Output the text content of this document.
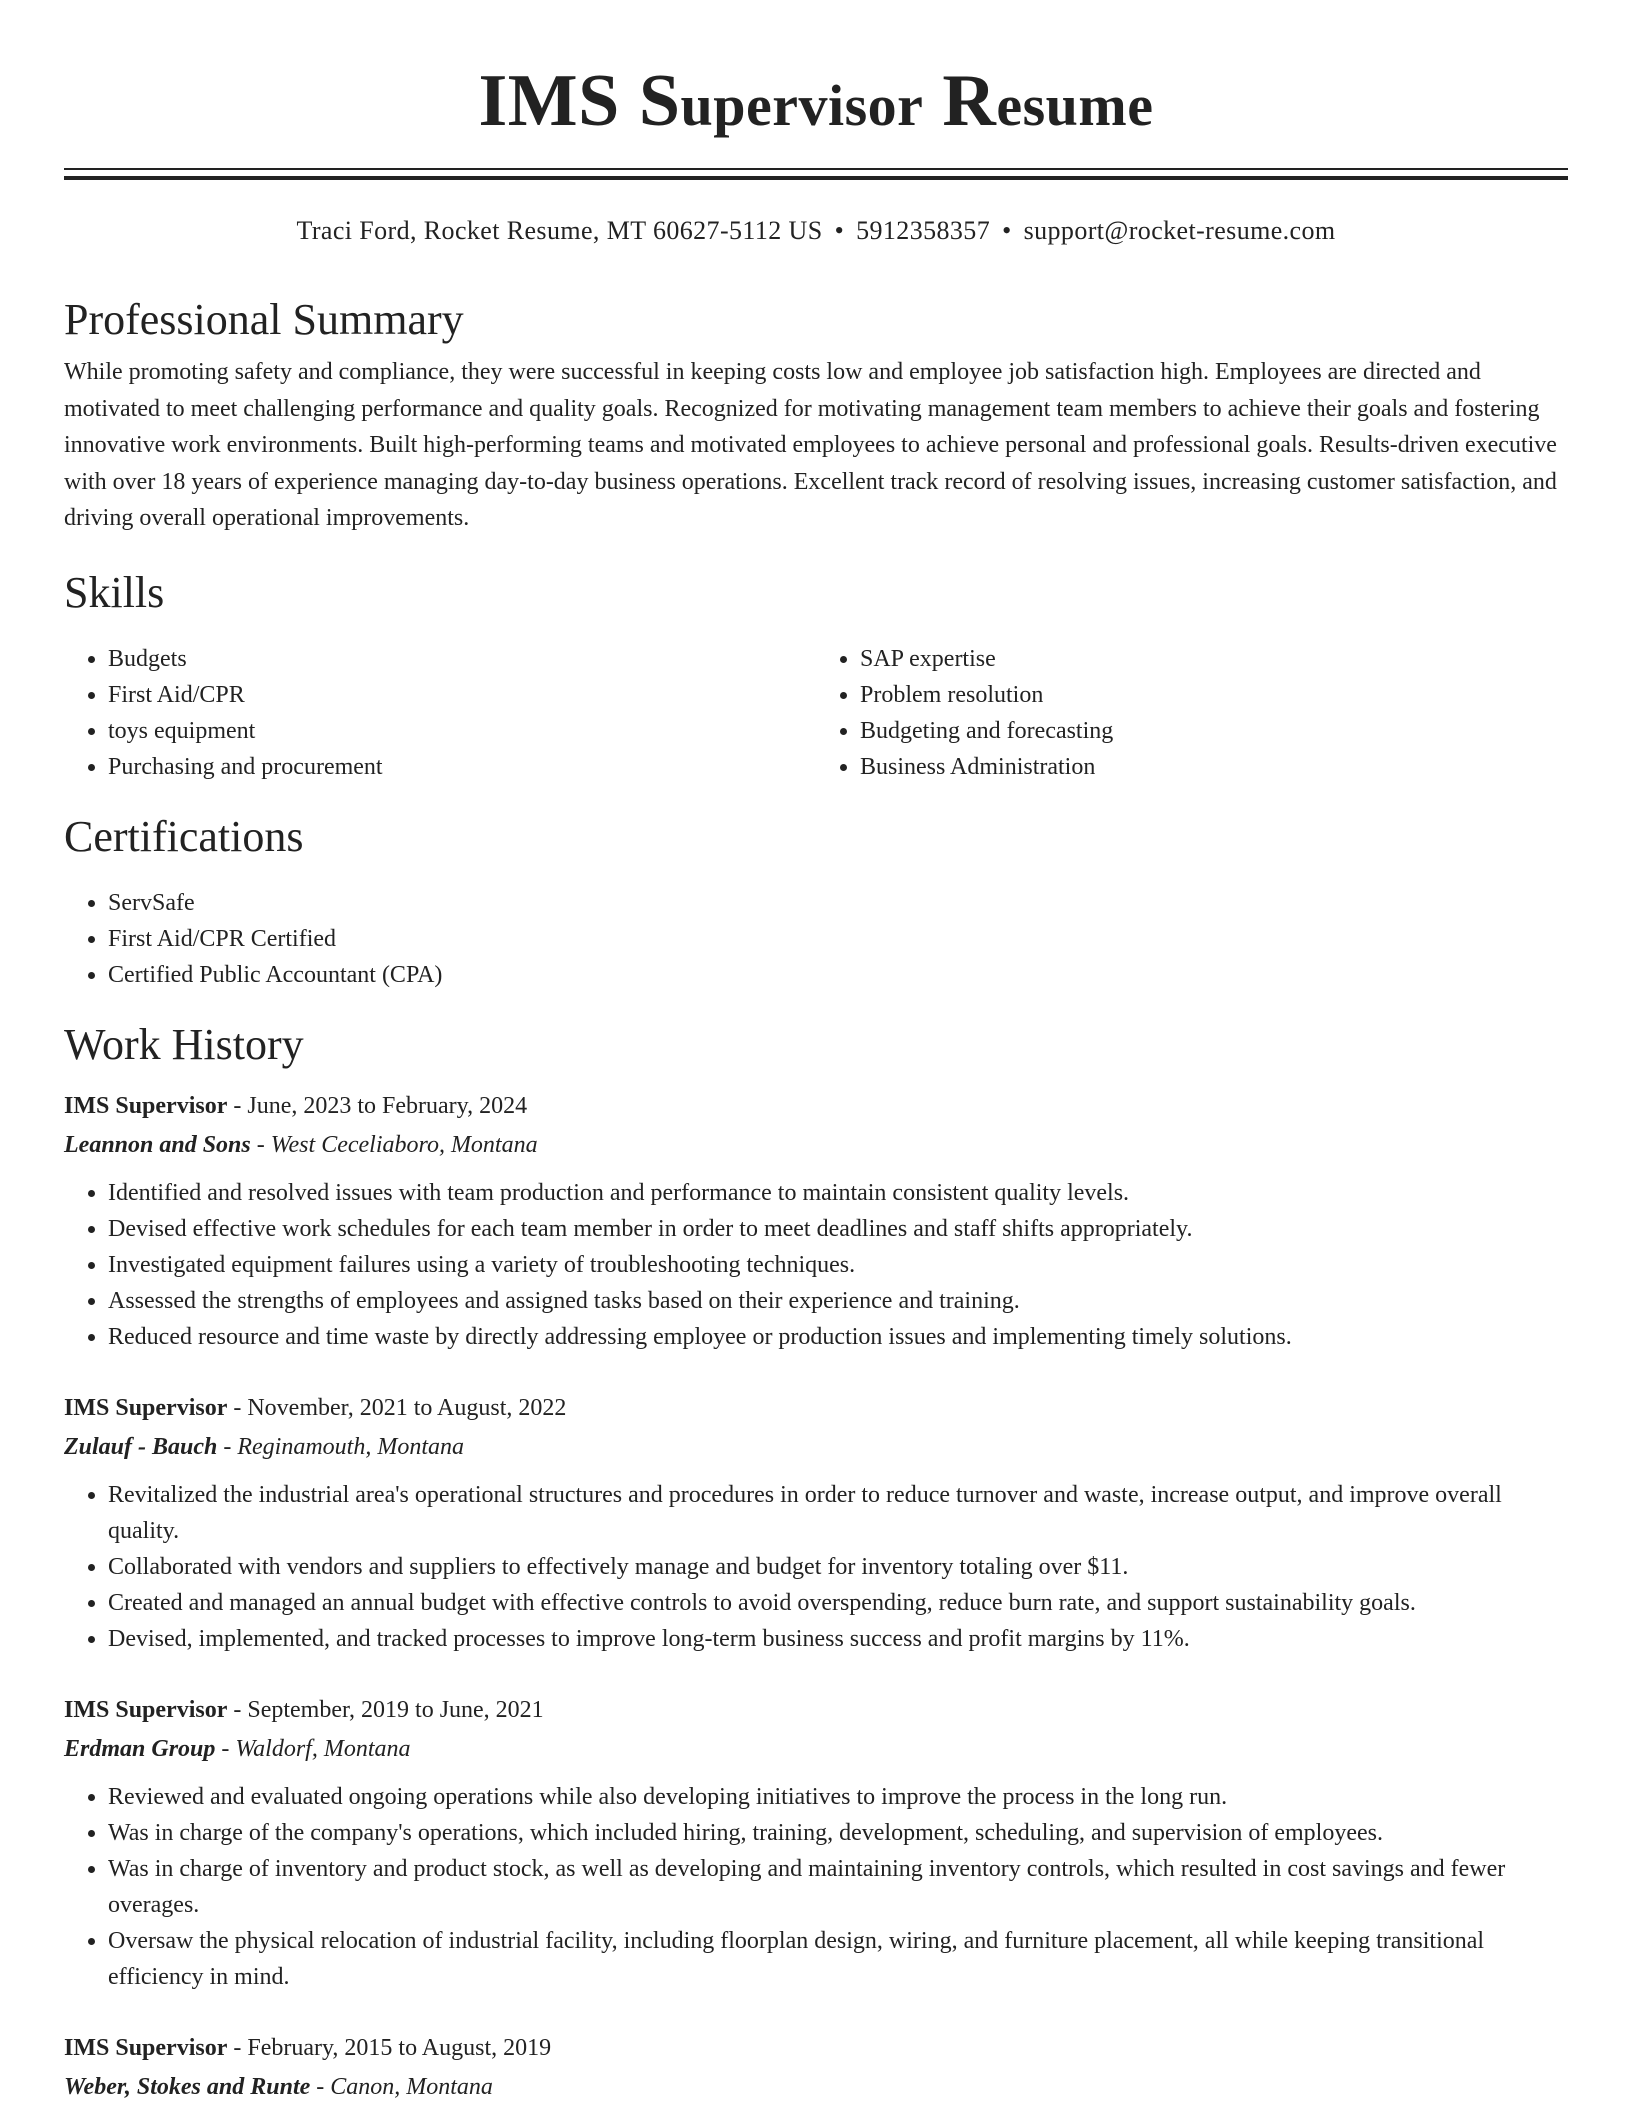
IMS Supervisor Resume
Traci Ford, Rocket Resume, MT 60627-5112 US • 5912358357 • support@rocket-resume.com
Professional Summary

While promoting safety and compliance, they were successful in keeping costs low and employee job satisfaction high. Employees are directed and motivated to meet challenging performance and quality goals. Recognized for motivating management team members to achieve their goals and fostering innovative work environments. Built high-performing teams and motivated employees to achieve personal and professional goals. Results-driven executive with over 18 years of experience managing day-to-day business operations. Excellent track record of resolving issues, increasing customer satisfaction, and driving overall operational improvements.

Skills
• Budgets
• First Aid/CPR
• toys equipment
• Purchasing and procurement
• SAP expertise
• Problem resolution
• Budgeting and forecasting
• Business Administration
Certifications
• ServSafe
• First Aid/CPR Certified
• Certified Public Accountant (CPA)
Work History

IMS Supervisor - June, 2023 to February, 2024

Leannon and Sons - West Ceceliaboro, Montana

• Identified and resolved issues with team production and performance to maintain consistent quality levels.
• Devised effective work schedules for each team member in order to meet deadlines and staff shifts appropriately.
• Investigated equipment failures using a variety of troubleshooting techniques.
• Assessed the strengths of employees and assigned tasks based on their experience and training.
• Reduced resource and time waste by directly addressing employee or production issues and implementing timely solutions.

IMS Supervisor - November, 2021 to August, 2022

Zulauf - Bauch - Reginamouth, Montana

• Revitalized the industrial area's operational structures and procedures in order to reduce turnover and waste, increase output, and improve overall quality.
• Collaborated with vendors and suppliers to effectively manage and budget for inventory totaling over $11.
• Created and managed an annual budget with effective controls to avoid overspending, reduce burn rate, and support sustainability goals.
• Devised, implemented, and tracked processes to improve long-term business success and profit margins by 11%.

IMS Supervisor - September, 2019 to June, 2021

Erdman Group - Waldorf, Montana

• Reviewed and evaluated ongoing operations while also developing initiatives to improve the process in the long run.
• Was in charge of the company's operations, which included hiring, training, development, scheduling, and supervision of employees.
• Was in charge of inventory and product stock, as well as developing and maintaining inventory controls, which resulted in cost savings and fewer overages.
• Oversaw the physical relocation of industrial facility, including floorplan design, wiring, and furniture placement, all while keeping transitional efficiency in mind.

IMS Supervisor - February, 2015 to August, 2019

Weber, Stokes and Runte - Canon, Montana
